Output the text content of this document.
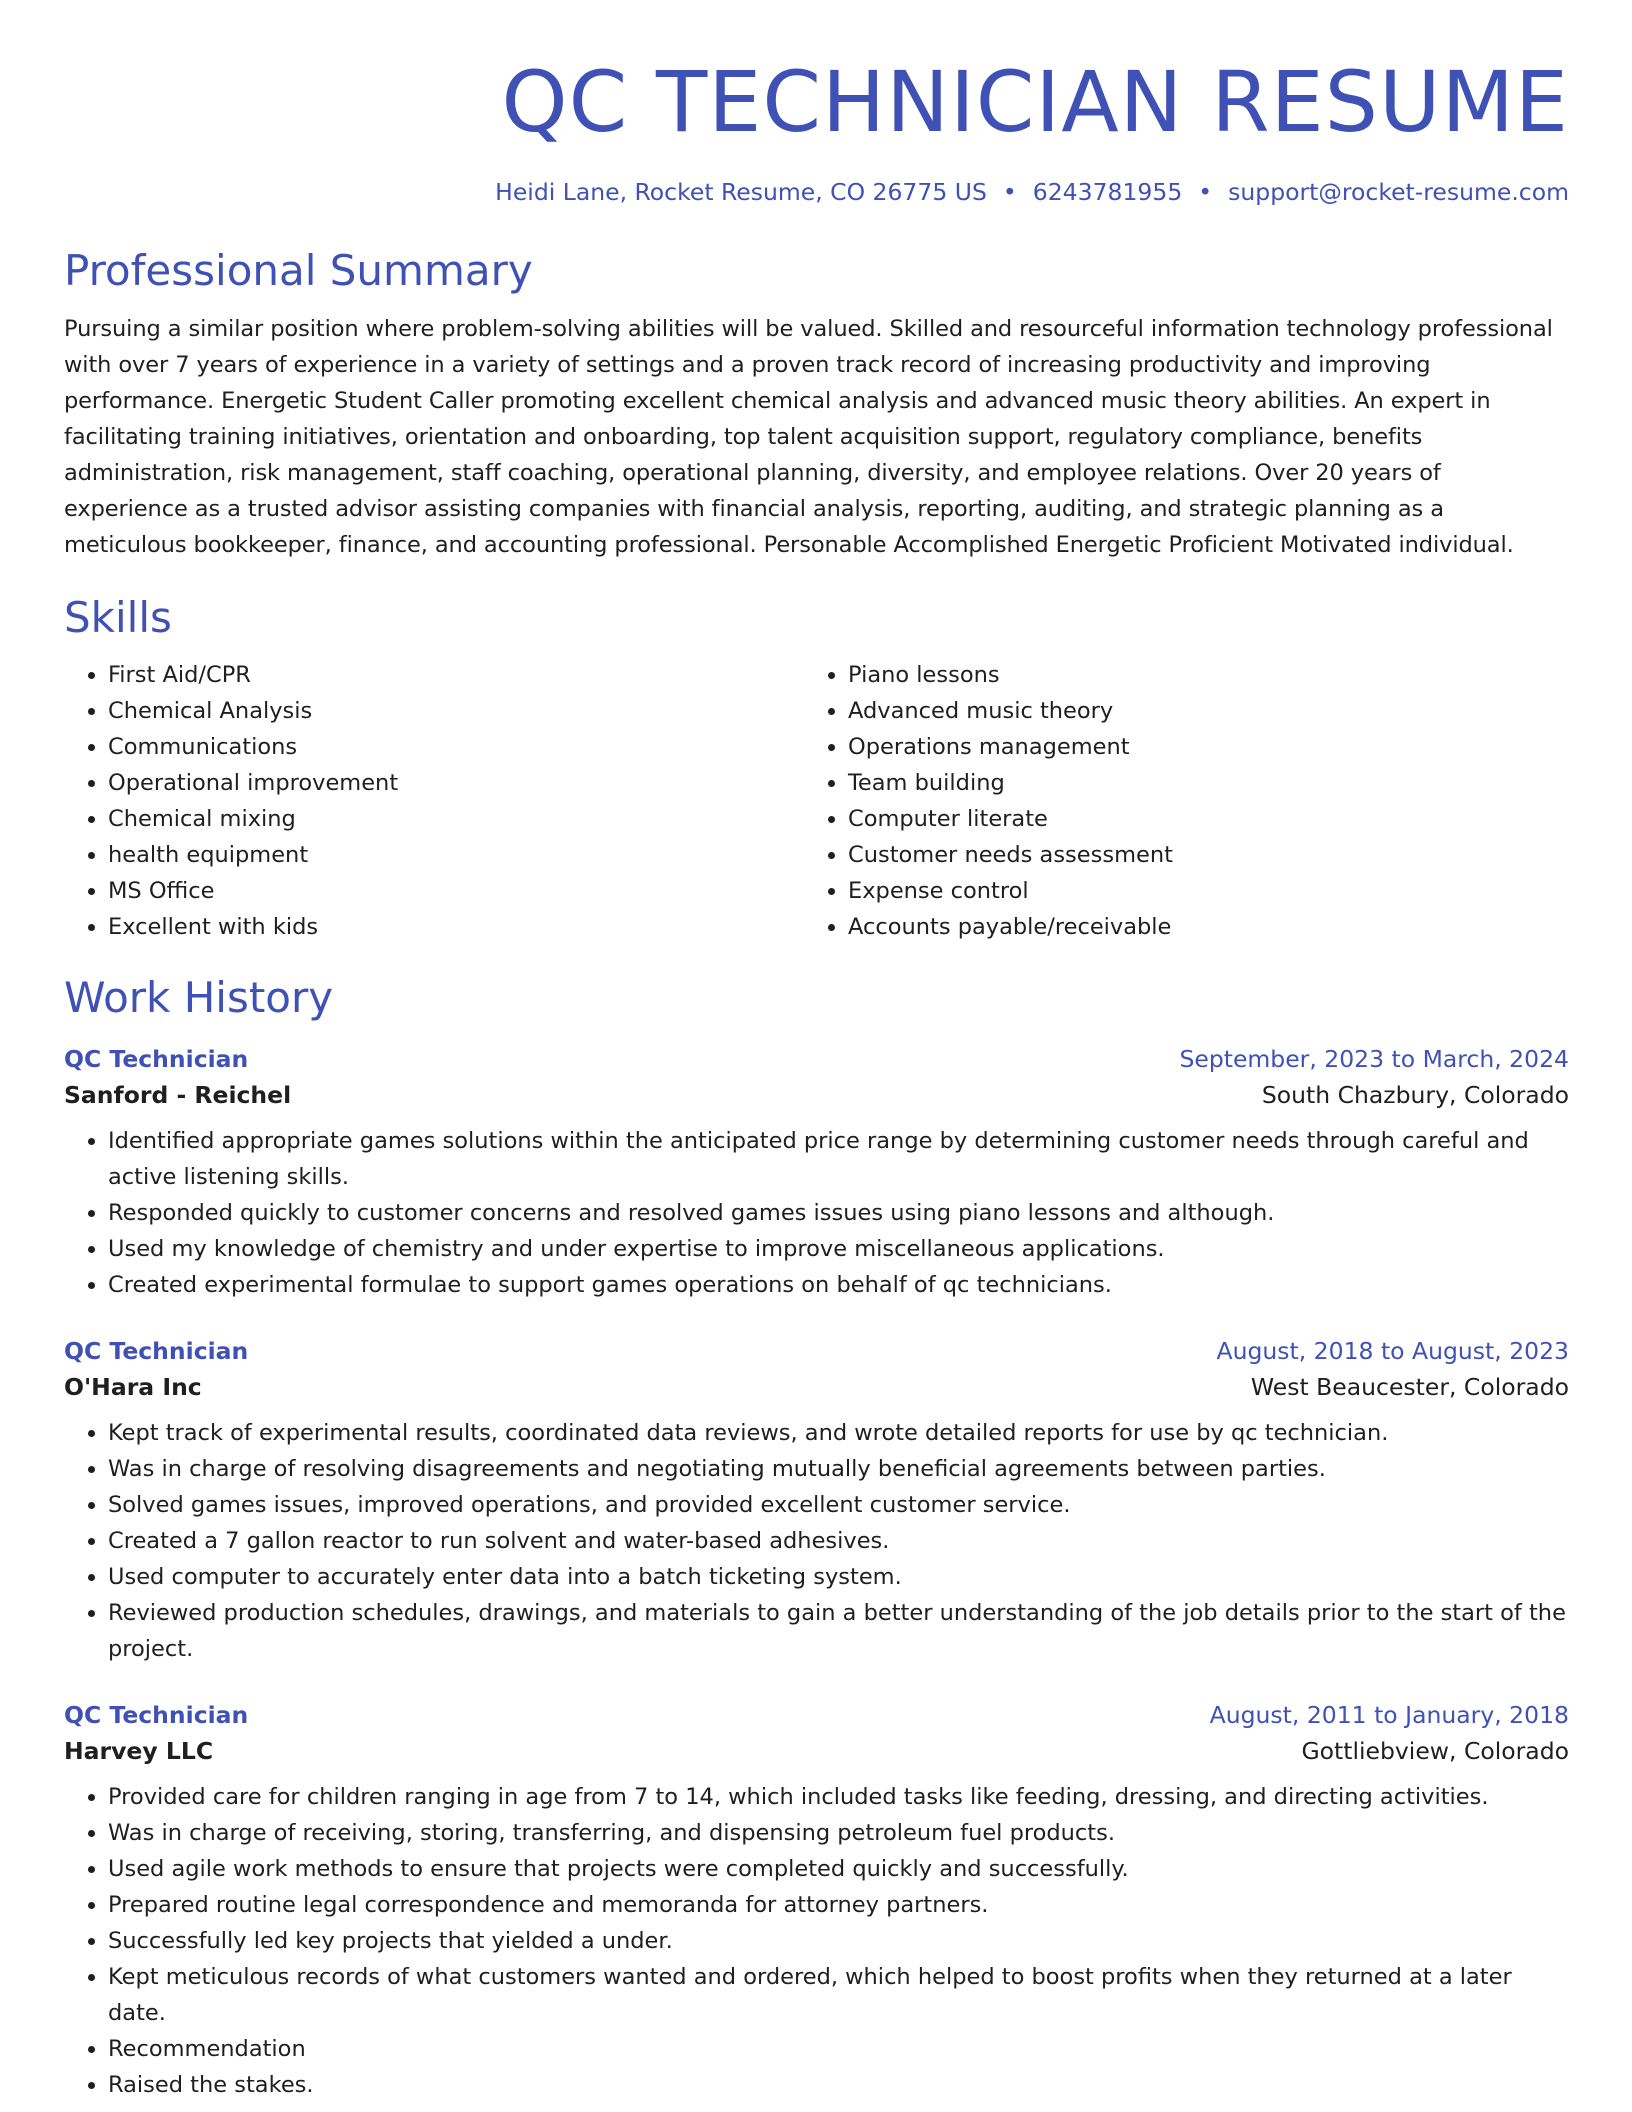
QC TECHNICIAN RESUME
Heidi Lane, Rocket Resume, CO 26775 US • 6243781955 • support@rocket-resume.com
Professional Summary
Pursuing a similar position where problem-solving abilities will be valued. Skilled and resourceful information technology professional with over 7 years of experience in a variety of settings and a proven track record of increasing productivity and improving performance. Energetic Student Caller promoting excellent chemical analysis and advanced music theory abilities. An expert in facilitating training initiatives, orientation and onboarding, top talent acquisition support, regulatory compliance, benefits administration, risk management, staff coaching, operational planning, diversity, and employee relations. Over 20 years of experience as a trusted advisor assisting companies with financial analysis, reporting, auditing, and strategic planning as a meticulous bookkeeper, finance, and accounting professional. Personable Accomplished Energetic Proficient Motivated individual.
Skills
• First Aid/CPR
• Chemical Analysis
• Communications
• Operational improvement
• Chemical mixing
• health equipment
• MS Office
• Excellent with kids
• Piano lessons
• Advanced music theory
• Operations management
• Team building
• Computer literate
• Customer needs assessment
• Expense control
• Accounts payable/receivable
Work History
QC Technician	September, 2023 to March, 2024
Sanford - Reichel	South Chazbury, Colorado
• Identified appropriate games solutions within the anticipated price range by determining customer needs through careful and active listening skills.
• Responded quickly to customer concerns and resolved games issues using piano lessons and although.
• Used my knowledge of chemistry and under expertise to improve miscellaneous applications.
• Created experimental formulae to support games operations on behalf of qc technicians.
QC Technician	August, 2018 to August, 2023
O'Hara Inc	West Beaucester, Colorado
• Kept track of experimental results, coordinated data reviews, and wrote detailed reports for use by qc technician.
• Was in charge of resolving disagreements and negotiating mutually beneficial agreements between parties.
• Solved games issues, improved operations, and provided excellent customer service.
• Created a 7 gallon reactor to run solvent and water-based adhesives.
• Used computer to accurately enter data into a batch ticketing system.
• Reviewed production schedules, drawings, and materials to gain a better understanding of the job details prior to the start of the project.
QC Technician	August, 2011 to January, 2018
Harvey LLC	Gottliebview, Colorado
• Provided care for children ranging in age from 7 to 14, which included tasks like feeding, dressing, and directing activities.
• Was in charge of receiving, storing, transferring, and dispensing petroleum fuel products.
• Used agile work methods to ensure that projects were completed quickly and successfully.
• Prepared routine legal correspondence and memoranda for attorney partners.
• Successfully led key projects that yielded a under.
• Kept meticulous records of what customers wanted and ordered, which helped to boost profits when they returned at a later date.
• Recommendation
• Raised the stakes.
